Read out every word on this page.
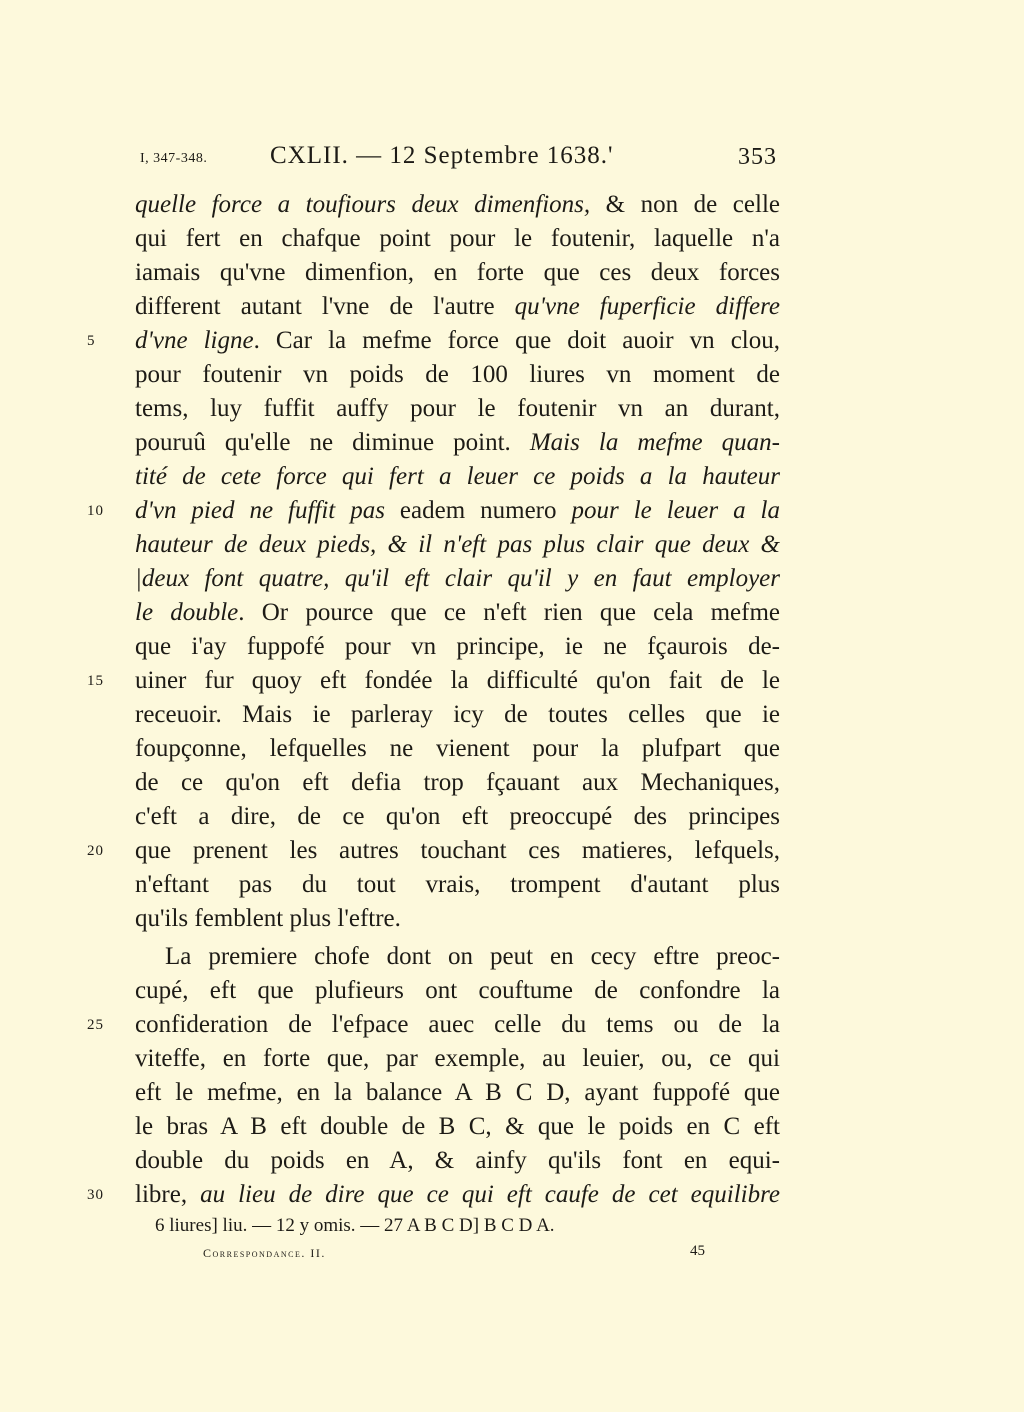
I, 347-348.	CXLII. — 12 Septembre 1638.'	353
quelle force a toufiours deux dimenfions, & non de celle
qui fert en chafque point pour le foutenir, laquelle n'a
iamais qu'vne dimenfion, en forte que ces deux forces
different autant l'vne de l'autre qu'vne fuperficie differe
5	d'vne ligne. Car la mefme force que doit auoir vn clou,
pour foutenir vn poids de 100 liures vn moment de
tems, luy fuffit auffy pour le foutenir vn an durant,
pouruû qu'elle ne diminue point. Mais la mefme quan-
tité de cete force qui fert a leuer ce poids a la hauteur
10	d'vn pied ne fuffit pas eadem numero pour le leuer a la
hauteur de deux pieds, & il n'eft pas plus clair que deux &
|deux font quatre, qu'il eft clair qu'il y en faut employer
le double. Or pource que ce n'eft rien que cela mefme
que i'ay fuppofé pour vn principe, ie ne fçaurois de-
15	uiner fur quoy eft fondée la difficulté qu'on fait de le
receuoir. Mais ie parleray icy de toutes celles que ie
foupçonne, lefquelles ne vienent pour la plufpart que
de ce qu'on eft defia trop fçauant aux Mechaniques,
c'eft a dire, de ce qu'on eft preoccupé des principes
20	que prenent les autres touchant ces matieres, lefquels,
n'eftant pas du tout vrais, trompent d'autant plus
qu'ils femblent plus l'eftre.
La premiere chofe dont on peut en cecy eftre preoc-
cupé, eft que plufieurs ont couftume de confondre la
25	confideration de l'efpace auec celle du tems ou de la
viteffe, en forte que, par exemple, au leuier, ou, ce qui
eft le mefme, en la balance A B C D, ayant fuppofé que
le bras A B eft double de B C, & que le poids en C eft
double du poids en A, & ainfy qu'ils font en equi-
30	libre, au lieu de dire que ce qui eft caufe de cet equilibre
6 liures] liu. — 12 y omis. — 27 A B C D] B C D A.
Correspondance. II.	45
